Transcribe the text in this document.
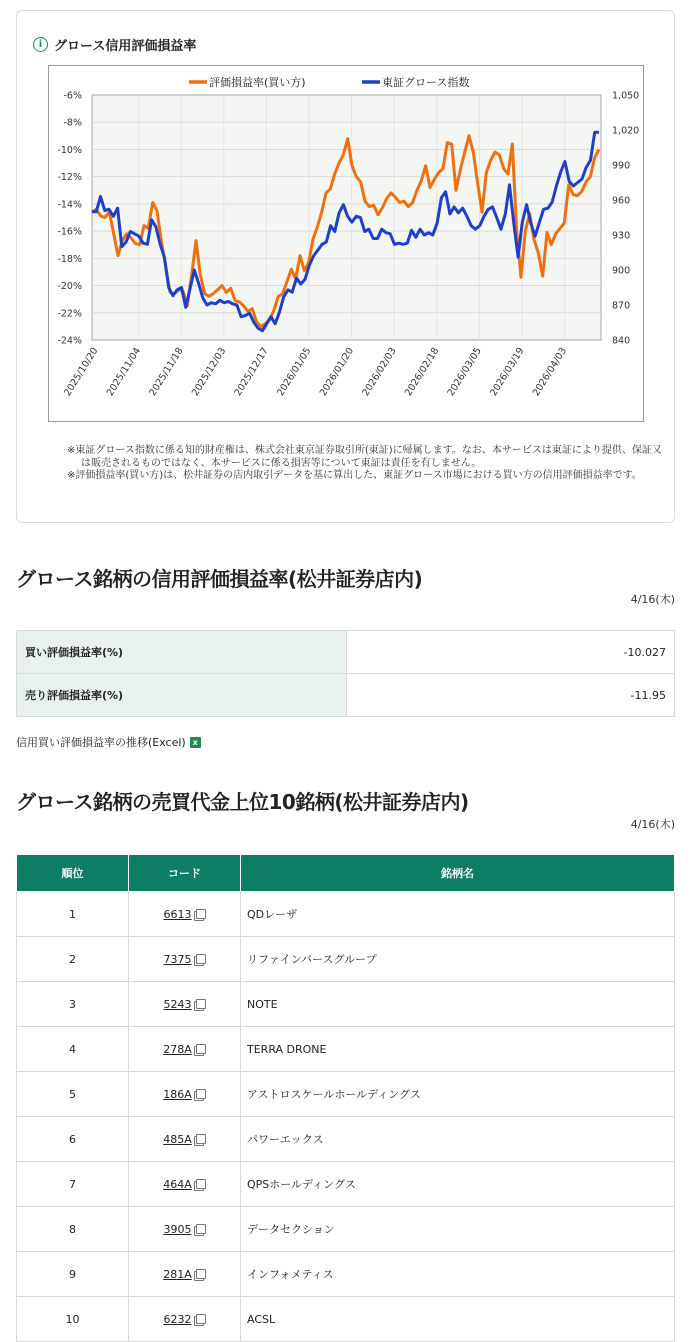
i グロース信用評価損益率
-6%
-8%
-10%
-12%
-14%
-16%
-18%
-20%
-22%
-24%
1,050
1,020
990
960
930
900
870
840
2025/10/20 2025/11/04 2025/11/18 2025/12/03 2025/12/17 2026/01/05 2026/01/20 2026/02/03 2026/02/18 2026/03/05 2026/03/19 2026/04/03
評価損益率(買い方)	東証グロース指数

※東証グロース指数に係る知的財産権は、株式会社東京証券取引所(東証)に帰属します。なお、本サービスは東証により提供、保証又は販売されるものではなく、本サービスに係る損害等について東証は責任を有しません。

※評価損益率(買い方)は、松井証券の店内取引データを基に算出した、東証グロース市場における買い方の信用評価損益率です。

グロース銘柄の信用評価損益率(松井証券店内)
4/16(木)
買い評価損益率(%)	-10.027
売り評価損益率(%)	-11.95
信用買い評価損益率の推移(Excel) x
グロース銘柄の売買代金上位10銘柄(松井証券店内)
4/16(木)
順位	コード	銘柄名
1	6613	QDレーザ
2	7375	リファインバースグループ
3	5243	NOTE
4	278A	TERRA DRONE
5	186A	アストロスケールホールディングス
6	485A	パワーエックス
7	464A	QPSホールディングス
8	3905	データセクション
9	281A	インフォメティス
10	6232	ACSL
